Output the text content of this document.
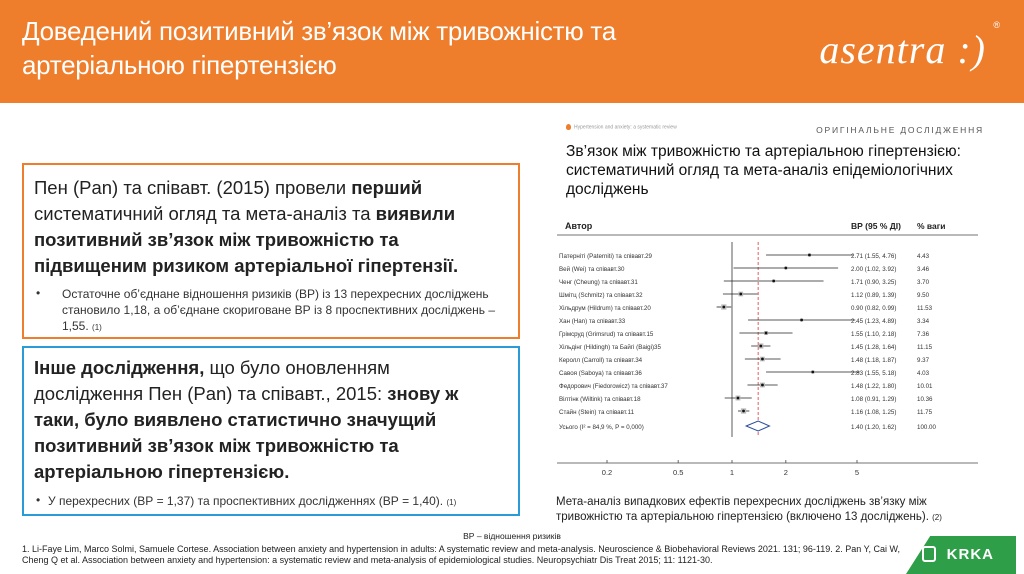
Доведений позитивний зв’язок між тривожністю та
артеріальною гіпертензією	asentra :)
®
Пен (Pan) та співавт. (2015) провели перший
систематичний огляд та мета-аналіз та виявили
позитивний зв’язок між тривожністю та
підвищеним ризиком артеріальної гіпертензії.
• Остаточне об’єднане відношення ризиків (ВР) із 13 перехресних досліджень
становило 1,18, а об’єднане скориговане ВР із 8 проспективних досліджень –
1,55. (1)
Інше дослідження, що було оновленням
дослідження Пен (Pan) та співавт., 2015: знову ж
таки, було виявлено статистично значущий
позитивний зв’язок між тривожністю та
артеріальною гіпертензією.
• У перехресних (ВР = 1,37) та проспективних дослідженнях (ВР = 1,40). (1)
Hypertension and anxiety: a systematic review	ОРИГІНАЛЬНЕ ДОСЛІДЖЕННЯ
Зв’язок між тривожністю та артеріальною гіпертензією: систематичний огляд та мета-аналіз епідеміологічних досліджень
Автор	ВР (95 % ДІ) % ваги
Патерніті (Paterniti) та співавт.29	2.71 (1.55, 4.76)	4.43
Вей (Wei) та співавт.30	2.00 (1.02, 3.92)	3.46
Ченг (Cheung) та співавт.31	1.71 (0.90, 3.25)	3.70
Шмітц (Schmitz) та співавт.32	1.12 (0.89, 1.39)	9.50
Хільдрум (Hildrum) та співавт.20	0.90 (0.82, 0.99)	11.53
Хан (Han) та співавт.33	2.45 (1.23, 4.89)	3.34
Грімсруд (Grimsrud) та співавт.15	1.55 (1.10, 2.18)	7.36
Хільдінг (Hildingh) та Байгі (Baigi)35	1.45 (1.28, 1.64)	11.15
Керолл (Carroll) та співавт.34	1.48 (1.18, 1.87)	9.37
Савоя (Saboya) та співавт.36	2.83 (1.55, 5.18)	4.03
Федорович (Fiedorowicz) та співавт.37	1.48 (1.22, 1.80)	10.01
Вілтінк (Wiltink) та співавт.18	1.08 (0.91, 1.29)	10.36
Стайн (Stein) та співавт.11	1.16 (1.08, 1.25)	11.75
Усього (I² = 84,9 %, P = 0,000)	1.40 (1.20, 1.62)	100.00
0.2	0.5	1	2	5
Мета-аналіз випадкових ефектів перехресних досліджень зв’язку між тривожністю та артеріальною гіпертензією (включено 13 досліджень). (2)
ВР – відношення ризиків
1. Li-Faye Lim, Marco Solmi, Samuele Cortese. Association between anxiety and hypertension in adults: A systematic review and meta-analysis. Neuroscience & Biobehavioral Reviews 2021. 131; 96-119. 2. Pan Y, Cai W, Cheng Q et al. Association between anxiety and hypertension: a systematic review and meta-analysis of epidemiological studies. Neuropsychiatr Dis Treat 2015; 11: 1121-30.	KRKA
